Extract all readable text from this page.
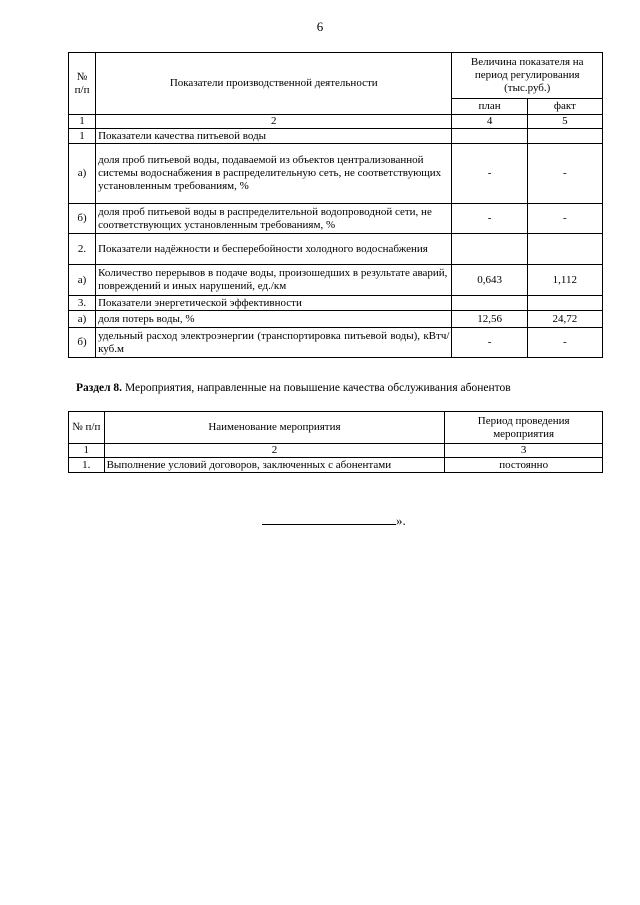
6
№ п/п	Показатели производственной деятельности	Величина показателя на период регулирования (тыс.руб.)	
		план	факт
1	2	4	5
1	Показатели качества питьевой воды		
а)	доля проб питьевой воды, подаваемой из объектов централизованной системы водоснабжения в распределительную сеть, не соответствующих установленным требованиям, %	-	-
б)	доля проб питьевой воды в распределительной водопроводной сети, не соответствующих установленным требованиям, %	-	-
2.	Показатели надёжности и бесперебойности холодного водоснабжения		
а)	Количество перерывов в подаче воды, произошедших в результате аварий, повреждений и иных нарушений, ед./км	0,643	1,112
3.	Показатели энергетической эффективности		
а)	доля потерь воды, %	12,56	24,72
б)	удельный расход электроэнергии (транспортировка питьевой воды), кВтч/куб.м	-	-
Раздел 8. Мероприятия, направленные на повышение качества обслуживания абонентов
№ п/п	Наименование мероприятия	Период проведения мероприятия
1	2	3
1.	Выполнение условий договоров, заключенных с абонентами	постоянно
».
